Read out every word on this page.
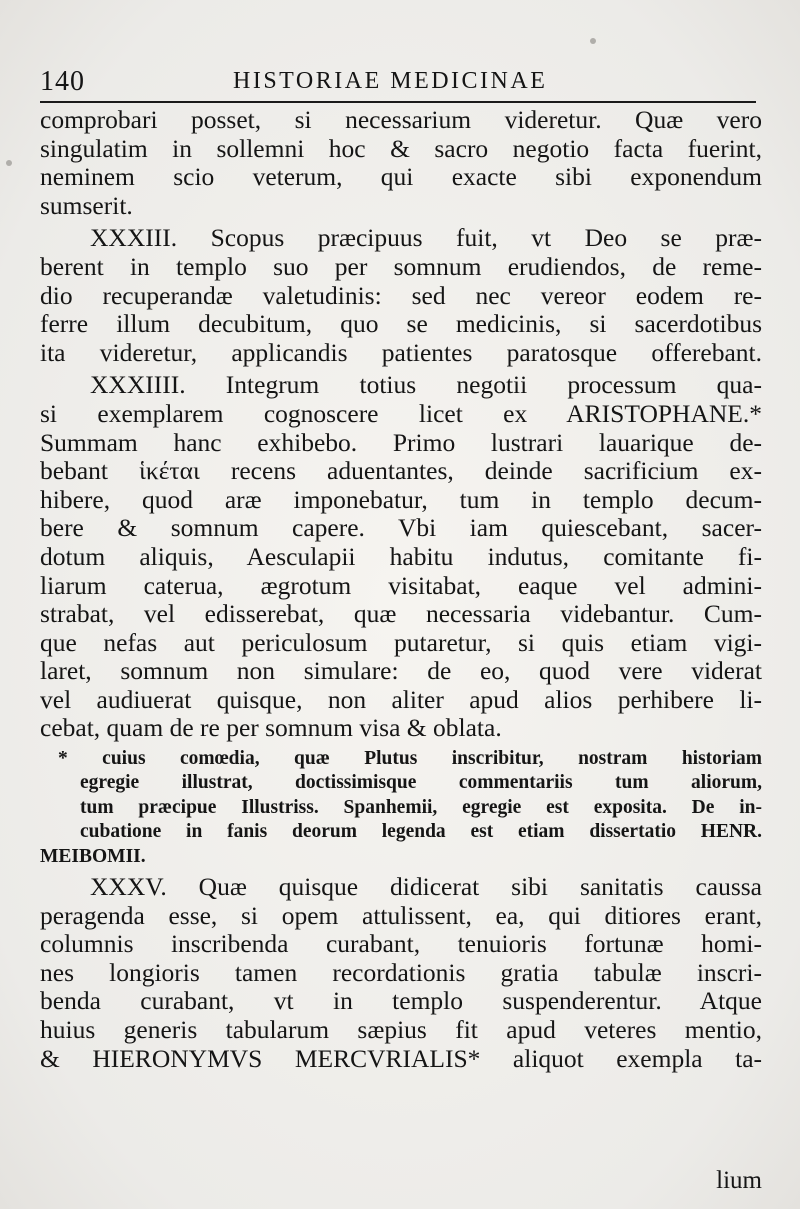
140	HISTORIAE MEDICINAE
comprobari posset, si necessarium videretur. Quæ vero
singulatim in sollemni hoc & sacro negotio facta fuerint,
neminem scio veterum, qui exacte sibi exponendum
sumserit.
XXXIII. Scopus præcipuus fuit, vt Deo se præ-
berent in templo suo per somnum erudiendos, de reme-
dio recuperandæ valetudinis: sed nec vereor eodem re-
ferre illum decubitum, quo se medicinis, si sacerdotibus
ita videretur, applicandis patientes paratosque offerebant.
XXXIIII. Integrum totius negotii processum qua-
si exemplarem cognoscere licet ex ARISTOPHANE.*
Summam hanc exhibebo. Primo lustrari lauarique de-
bebant ἱκέται recens aduentantes, deinde sacrificium ex-
hibere, quod aræ imponebatur, tum in templo decum-
bere & somnum capere. Vbi iam quiescebant, sacer-
dotum aliquis, Aesculapii habitu indutus, comitante fi-
liarum caterua, ægrotum visitabat, eaque vel admini-
strabat, vel edisserebat, quæ necessaria videbantur. Cum-
que nefas aut periculosum putaretur, si quis etiam vigi-
laret, somnum non simulare: de eo, quod vere viderat
vel audiuerat quisque, non aliter apud alios perhibere li-
cebat, quam de re per somnum visa & oblata.
* cuius comœdia, quæ Plutus inscribitur, nostram historiam
egregie illustrat, doctissimisque commentariis tum aliorum,
tum præcipue Illustriss. Spanhemii, egregie est exposita. De in-
cubatione in fanis deorum legenda est etiam dissertatio HENR.
MEIBOMII.
XXXV. Quæ quisque didicerat sibi sanitatis caussa
peragenda esse, si opem attulissent, ea, qui ditiores erant,
columnis inscribenda curabant, tenuioris fortunæ homi-
nes longioris tamen recordationis gratia tabulæ inscri-
benda curabant, vt in templo suspenderentur. Atque
huius generis tabularum sæpius fit apud veteres mentio,
& HIERONYMVS MERCVRIALIS* aliquot exempla ta-
lium
